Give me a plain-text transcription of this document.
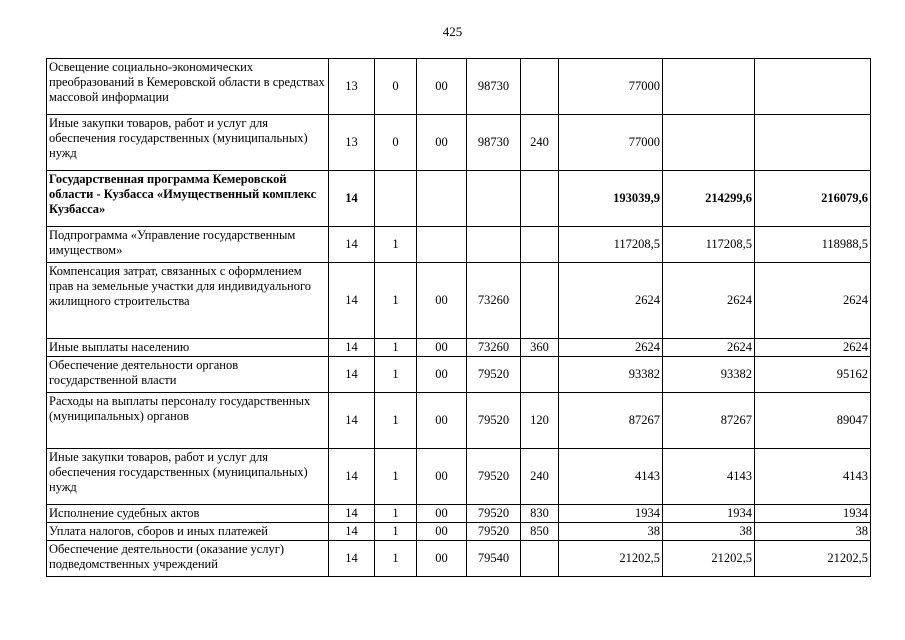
425
Освещение социально-экономических преобразований в Кемеровской области в средствах массовой информации	13	0	00	98730		77000		
Иные закупки товаров, работ и услуг для обеспечения государственных (муниципальных) нужд	13	0	00	98730	240	77000		
Государственная программа Кемеровской области - Кузбасса «Имущественный комплекс Кузбасса»	14					193039,9	214299,6	216079,6
Подпрограмма «Управление государственным имуществом»	14	1				117208,5	117208,5	118988,5
Компенсация затрат, связанных с оформлением прав на земельные участки для индивидуального жилищного строительства	14	1	00	73260		2624	2624	2624
Иные выплаты населению	14	1	00	73260	360	2624	2624	2624
Обеспечение деятельности органов государственной власти	14	1	00	79520		93382	93382	95162
Расходы на выплаты персоналу государственных (муниципальных) органов	14	1	00	79520	120	87267	87267	89047
Иные закупки товаров, работ и услуг для обеспечения государственных (муниципальных) нужд	14	1	00	79520	240	4143	4143	4143
Исполнение судебных актов	14	1	00	79520	830	1934	1934	1934
Уплата налогов, сборов и иных платежей	14	1	00	79520	850	38	38	38
Обеспечение деятельности (оказание услуг) подведомственных учреждений	14	1	00	79540		21202,5	21202,5	21202,5
